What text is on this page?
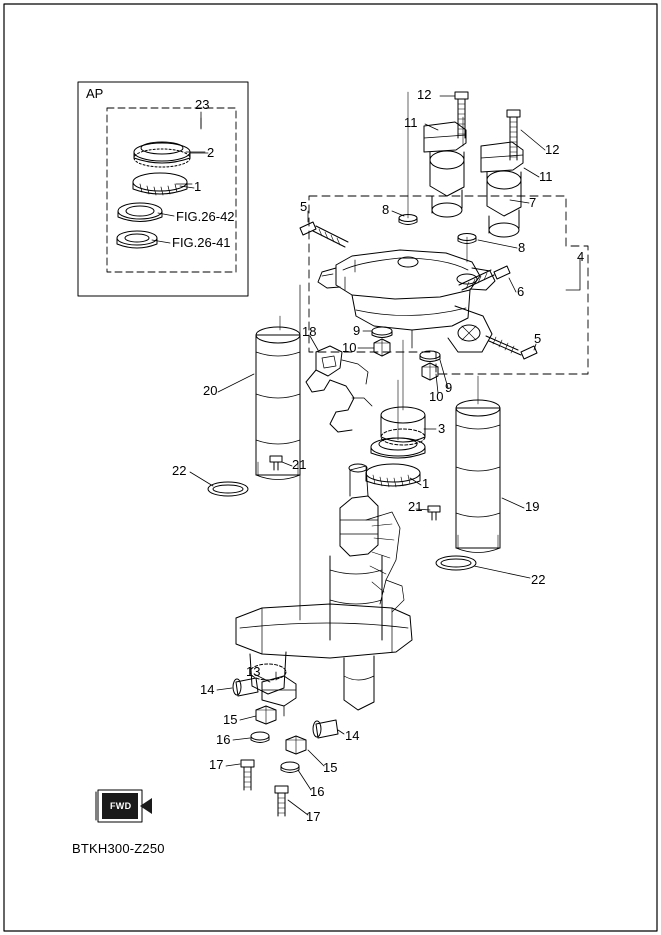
AP
FIG.26-42
FIG.26-41
23
2
1
12
11
12
11
7
5	8
8
4
6
5
9
10
9
10
18
20
3
1
22	21
21	19
22
13
14
14
15
15
16
16
17
17
FWD
BTKH300-Z250
